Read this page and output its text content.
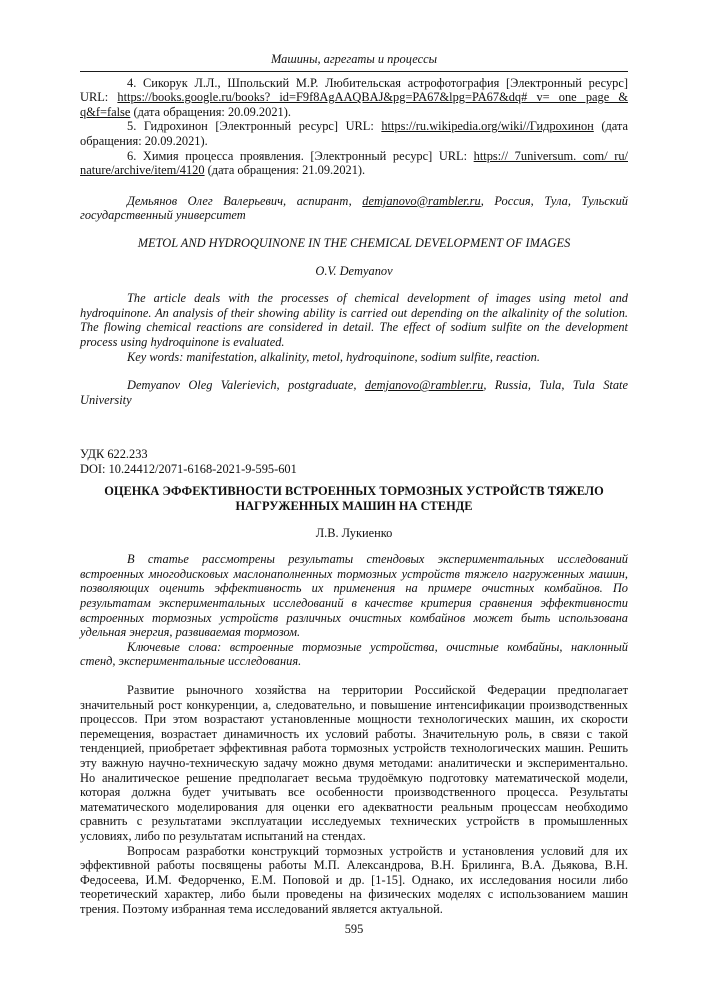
Машины, агрегаты и процессы

4. Сикорук Л.Л., Шпольский М.Р. Любительская астрофотография [Электронный ресурс] URL: https://books.google.ru/books? id=F9f8AgAAQBAJ&pg=PA67&lpg=PA67&dq# v= one page & q&f=false (дата обращения: 20.09.2021).

5. Гидрохинон [Электронный ресурс] URL: https://ru.wikipedia.org/wiki//Гидрохинон (дата обращения: 20.09.2021).

6. Химия процесса проявления. [Электронный ресурс] URL: https:// 7universum. com/ ru/ nature/archive/item/4120 (дата обращения: 21.09.2021).

Демьянов Олег Валерьевич, аспирант, demjanovo@rambler.ru, Россия, Тула, Тульский государственный университет

METOL AND HYDROQUINONE IN THE CHEMICAL DEVELOPMENT OF IMAGES

O.V. Demyanov

The article deals with the processes of chemical development of images using metol and hydroquinone. An analysis of their showing ability is carried out depending on the alkalinity of the solution. The flowing chemical reactions are considered in detail. The effect of sodium sulfite on the development process using hydroquinone is evaluated.

Key words: manifestation, alkalinity, metol, hydroquinone, sodium sulfite, reaction.

Demyanov Oleg Valerievich, postgraduate, demjanovo@rambler.ru, Russia, Tula, Tula State University

УДК 622.233

DOI: 10.24412/2071-6168-2021-9-595-601

ОЦЕНКА ЭФФЕКТИВНОСТИ ВСТРОЕННЫХ ТОРМОЗНЫХ УСТРОЙСТВ ТЯЖЕЛО НАГРУЖЕННЫХ МАШИН НА СТЕНДЕ

Л.В. Лукиенко

В статье рассмотрены результаты стендовых экспериментальных исследований встроенных многодисковых маслонаполненных тормозных устройств тяжело нагруженных машин, позволяющих оценить эффективность их применения на примере очистных комбайнов. По результатам экспериментальных исследований в качестве критерия сравнения эффективности встроенных тормозных устройств различных очистных комбайнов может быть использована удельная энергия, развиваемая тормозом.

Ключевые слова: встроенные тормозные устройства, очистные комбайны, наклонный стенд, экспериментальные исследования.

Развитие рыночного хозяйства на территории Российской Федерации предполагает значительный рост конкуренции, а, следовательно, и повышение интенсификации производственных процессов. При этом возрастают установленные мощности технологических машин, их скорости перемещения, возрастает динамичность их условий работы. Значительную роль, в связи с такой тенденцией, приобретает эффективная работа тормозных устройств технологических машин. Решить эту важную научно-техническую задачу можно двумя методами: аналитически и экспериментально. Но аналитическое решение предполагает весьма трудоёмкую подготовку математической модели, которая должна будет учитывать все особенности производственного процесса. Результаты математического моделирования для оценки его адекватности реальным процессам необходимо сравнить с результатами эксплуатации исследуемых технических устройств в промышленных условиях, либо по результатам испытаний на стендах.

Вопросам разработки конструкций тормозных устройств и установления условий для их эффективной работы посвящены работы М.П. Александрова, В.Н. Брилинга, В.А. Дьякова, В.Н. Федосеева, И.М. Федорченко, Е.М. Поповой и др. [1-15]. Однако, их исследования носили либо теоретический характер, либо были проведены на физических моделях с использованием машин трения. Поэтому избранная тема исследований является актуальной.

595
